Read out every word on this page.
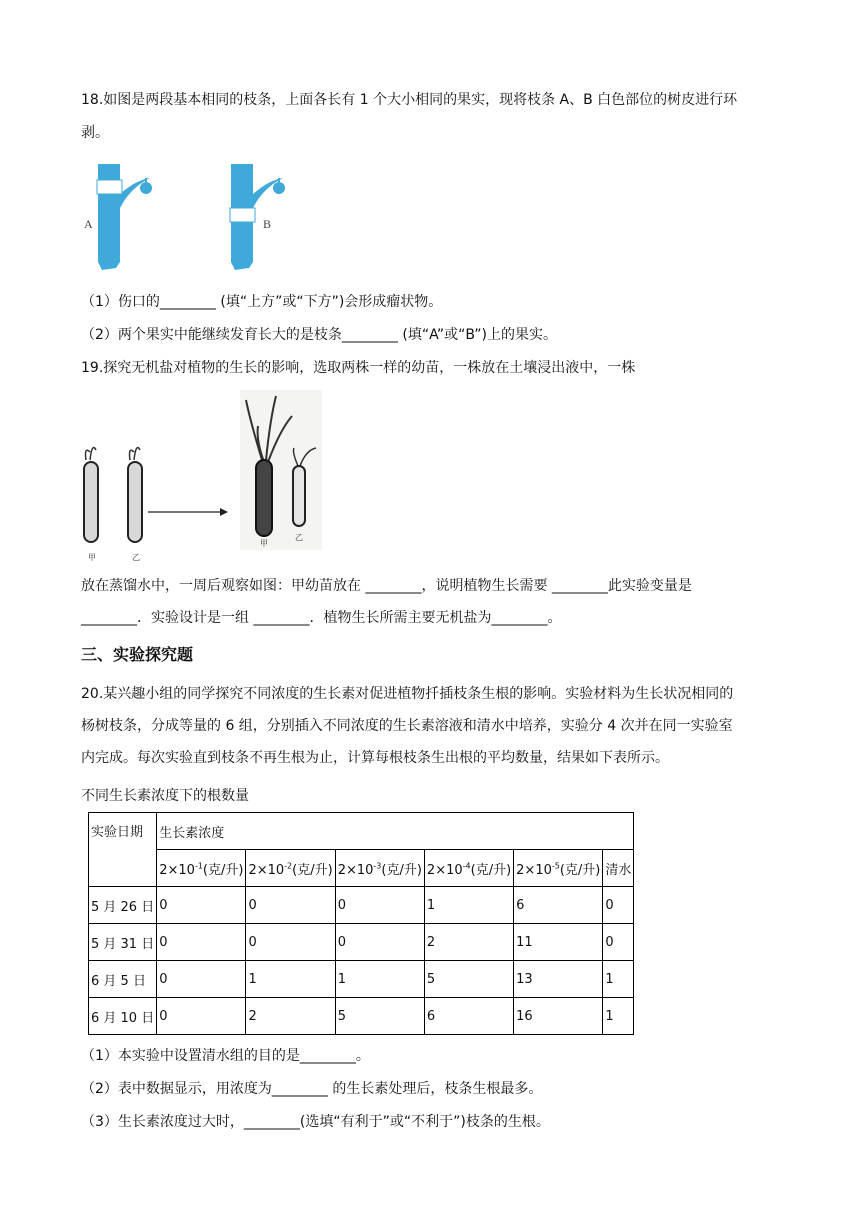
18.如图是两段基本相同的枝条，上面各长有 1 个大小相同的果实，现将枝条 A、B 白色部位的树皮进行环

剥。

A	B

（1）伤口的________ (填“上方”或“下方”)会形成瘤状物。

（2）两个果实中能继续发育长大的是枝条________ (填“A”或“B”)上的果实。

19.探究无机盐对植物的生长的影响，选取两株一样的幼苗，一株放在土壤浸出液中，一株

甲	乙
甲
乙

放在蒸馏水中，一周后观察如图：甲幼苗放在 ________，说明植物生长需要 ________此实验变量是

________．实验设计是一组 ________．植物生长所需主要无机盐为________。

三、实验探究题

20.某兴趣小组的同学探究不同浓度的生长素对促进植物扦插枝条生根的影响。实验材料为生长状况相同的

杨树枝条，分成等量的 6 组，分别插入不同浓度的生长素溶液和清水中培养，实验分 4 次并在同一实验室

内完成。每次实验直到枝条不再生根为止，计算每根枝条生出根的平均数量，结果如下表所示。

不同生长素浓度下的根数量

实验日期	生长素浓度					
	$2\times 10^{-1}$(克/升)	$2\times 10^{-2}$(克/升)	$2\times 10^{-3}$(克/升)	$2\times 10^{-4}$(克/升)	$2\times 10^{-5}$(克/升)	清水
5 月 26 日	0	0	0	1	6	0
5 月 31 日	0	0	0	2	11	0
6 月 5 日	0	1	1	5	13	1
6 月 10 日	0	2	5	6	16	1

（1）本实验中设置清水组的目的是________。

（2）表中数据显示，用浓度为________ 的生长素处理后，枝条生根最多。

（3）生长素浓度过大时，________(选填“有利于”或“不利于”)枝条的生根。
